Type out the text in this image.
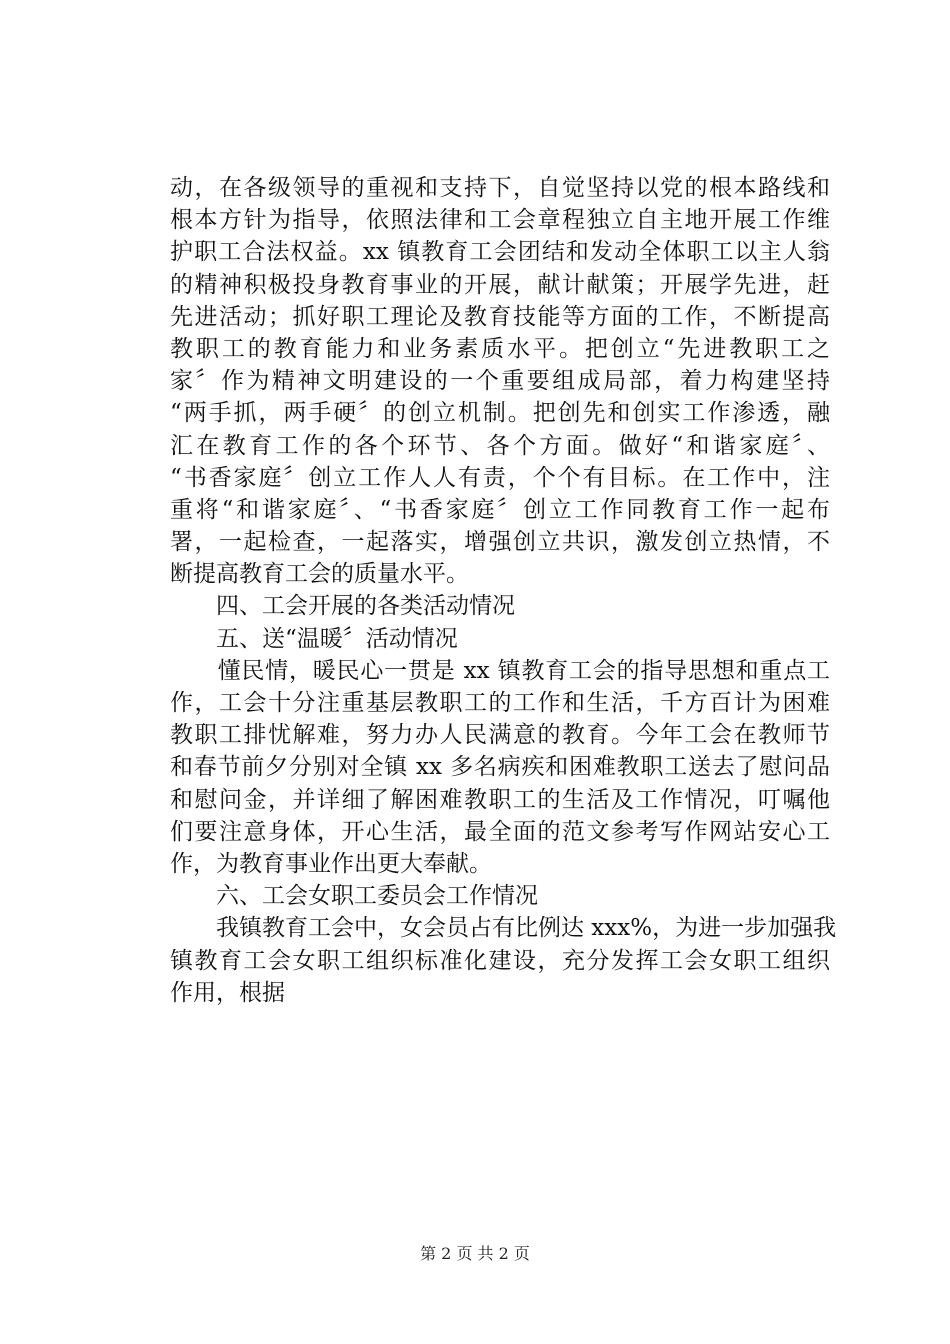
动，在各级领导的重视和支持下，自觉坚持以党的根本路线和
根本方针为指导，依照法律和工会章程独立自主地开展工作维
护职工合法权益。xx 镇教育工会团结和发动全体职工以主人翁
的精神积极投身教育事业的开展，献计献策；开展学先进，赶
先进活动；抓好职工理论及教育技能等方面的工作，不断提高
教职工的教育能力和业务素质水平。把创立“先进教职工之
家〞作为精神文明建设的一个重要组成局部，着力构建坚持
“两手抓，两手硬〞的创立机制。把创先和创实工作渗透，融
汇在教育工作的各个环节、各个方面。做好“和谐家庭〞、
“书香家庭〞创立工作人人有责，个个有目标。在工作中，注
重将“和谐家庭〞、“书香家庭〞创立工作同教育工作一起布
署，一起检查，一起落实，增强创立共识，激发创立热情，不
断提高教育工会的质量水平。
　　四、工会开展的各类活动情况
　　五、送“温暖〞活动情况
　　懂民情，暖民心一贯是 xx 镇教育工会的指导思想和重点工
作，工会十分注重基层教职工的工作和生活，千方百计为困难
教职工排忧解难，努力办人民满意的教育。今年工会在教师节
和春节前夕分别对全镇 xx 多名病疾和困难教职工送去了慰问品
和慰问金，并详细了解困难教职工的生活及工作情况，叮嘱他
们要注意身体，开心生活，最全面的范文参考写作网站安心工
作，为教育事业作出更大奉献。
　　六、工会女职工委员会工作情况
　　我镇教育工会中，女会员占有比例达 xxx%，为进一步加强我
镇教育工会女职工组织标准化建设，充分发挥工会女职工组织
作用，根据
第 2 页 共 2 页
